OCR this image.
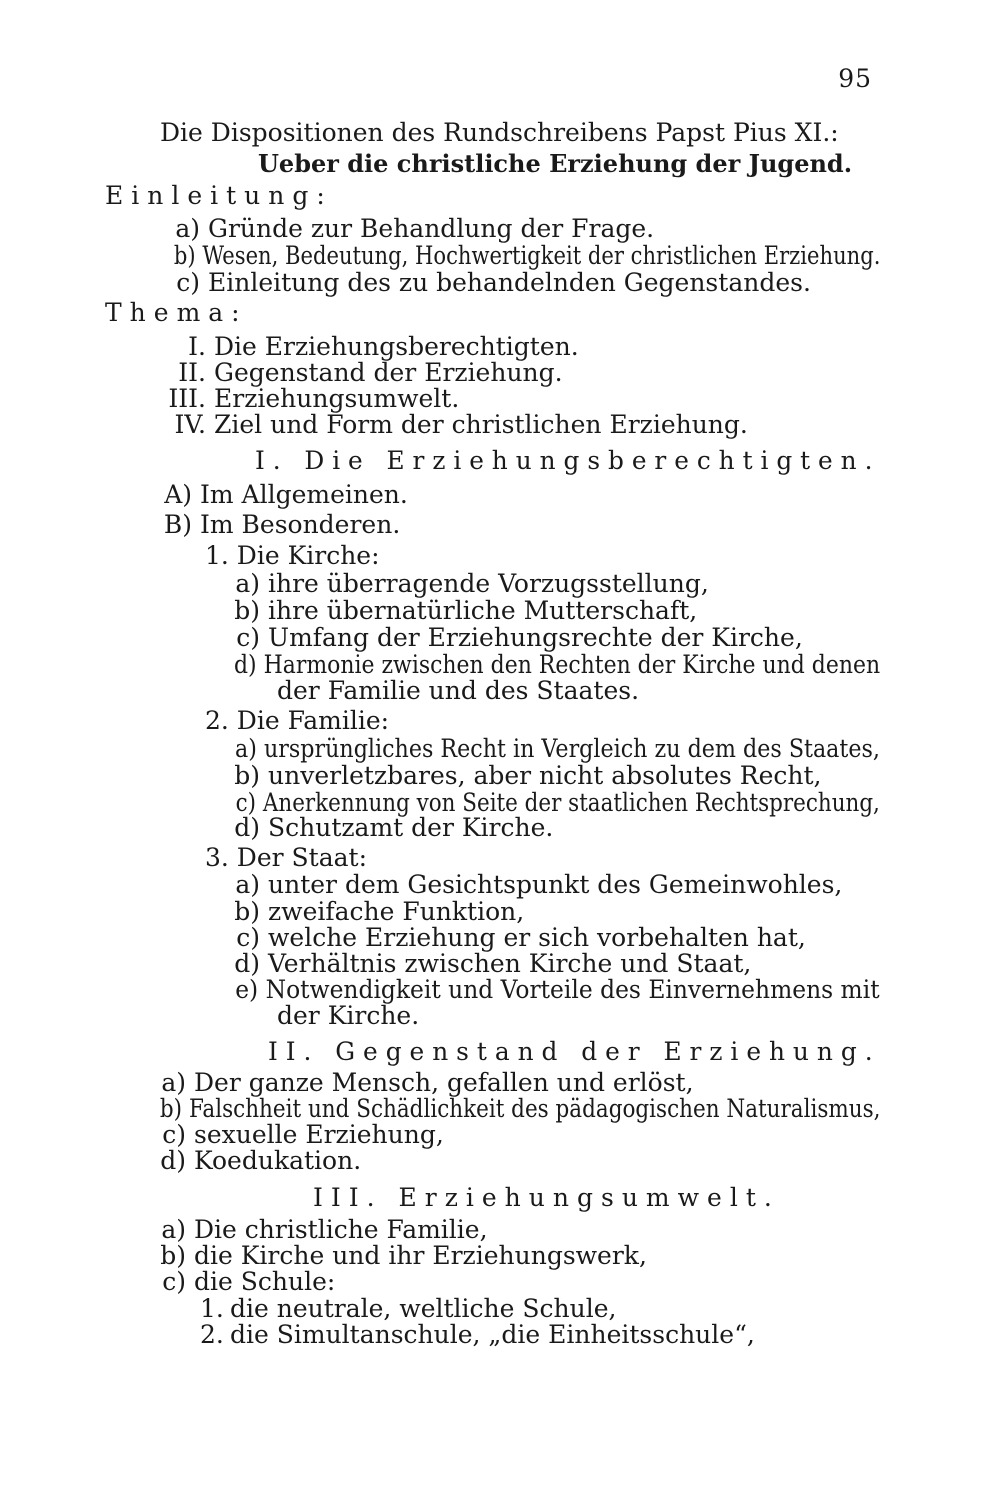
95
Die Dispositionen des Rundschreibens Papst Pius XI.:
Ueber die christliche Erziehung der Jugend.
Einleitung:
a) Gründe zur Behandlung der Frage.
b) Wesen, Bedeutung, Hochwertigkeit der christlichen Erziehung.
c) Einleitung des zu behandelnden Gegenstandes.
Thema:
I. Die Erziehungsberechtigten.
II. Gegenstand der Erziehung.
III. Erziehungsumwelt.
IV. Ziel und Form der christlichen Erziehung.
I. Die Erziehungsberechtigten.
A) Im Allgemeinen.
B) Im Besonderen.
1. Die Kirche:
a) ihre überragende Vorzugsstellung,
b) ihre übernatürliche Mutterschaft,
c) Umfang der Erziehungsrechte der Kirche,
d) Harmonie zwischen den Rechten der Kirche und denen
der Familie und des Staates.
2. Die Familie:
a) ursprüngliches Recht in Vergleich zu dem des Staates,
b) unverletzbares, aber nicht absolutes Recht,
c) Anerkennung von Seite der staatlichen Rechtsprechung,
d) Schutzamt der Kirche.
3. Der Staat:
a) unter dem Gesichtspunkt des Gemeinwohles,
b) zweifache Funktion,
c) welche Erziehung er sich vorbehalten hat,
d) Verhältnis zwischen Kirche und Staat,
e) Notwendigkeit und Vorteile des Einvernehmens mit
der Kirche.
II. Gegenstand der Erziehung.
a) Der ganze Mensch, gefallen und erlöst,
b) Falschheit und Schädlichkeit des pädagogischen Naturalismus,
c) sexuelle Erziehung,
d) Koedukation.
III. Erziehungsumwelt.
a) Die christliche Familie,
b) die Kirche und ihr Erziehungswerk,
c) die Schule:
1. die neutrale, weltliche Schule,
2. die Simultanschule, „die Einheitsschule“,
